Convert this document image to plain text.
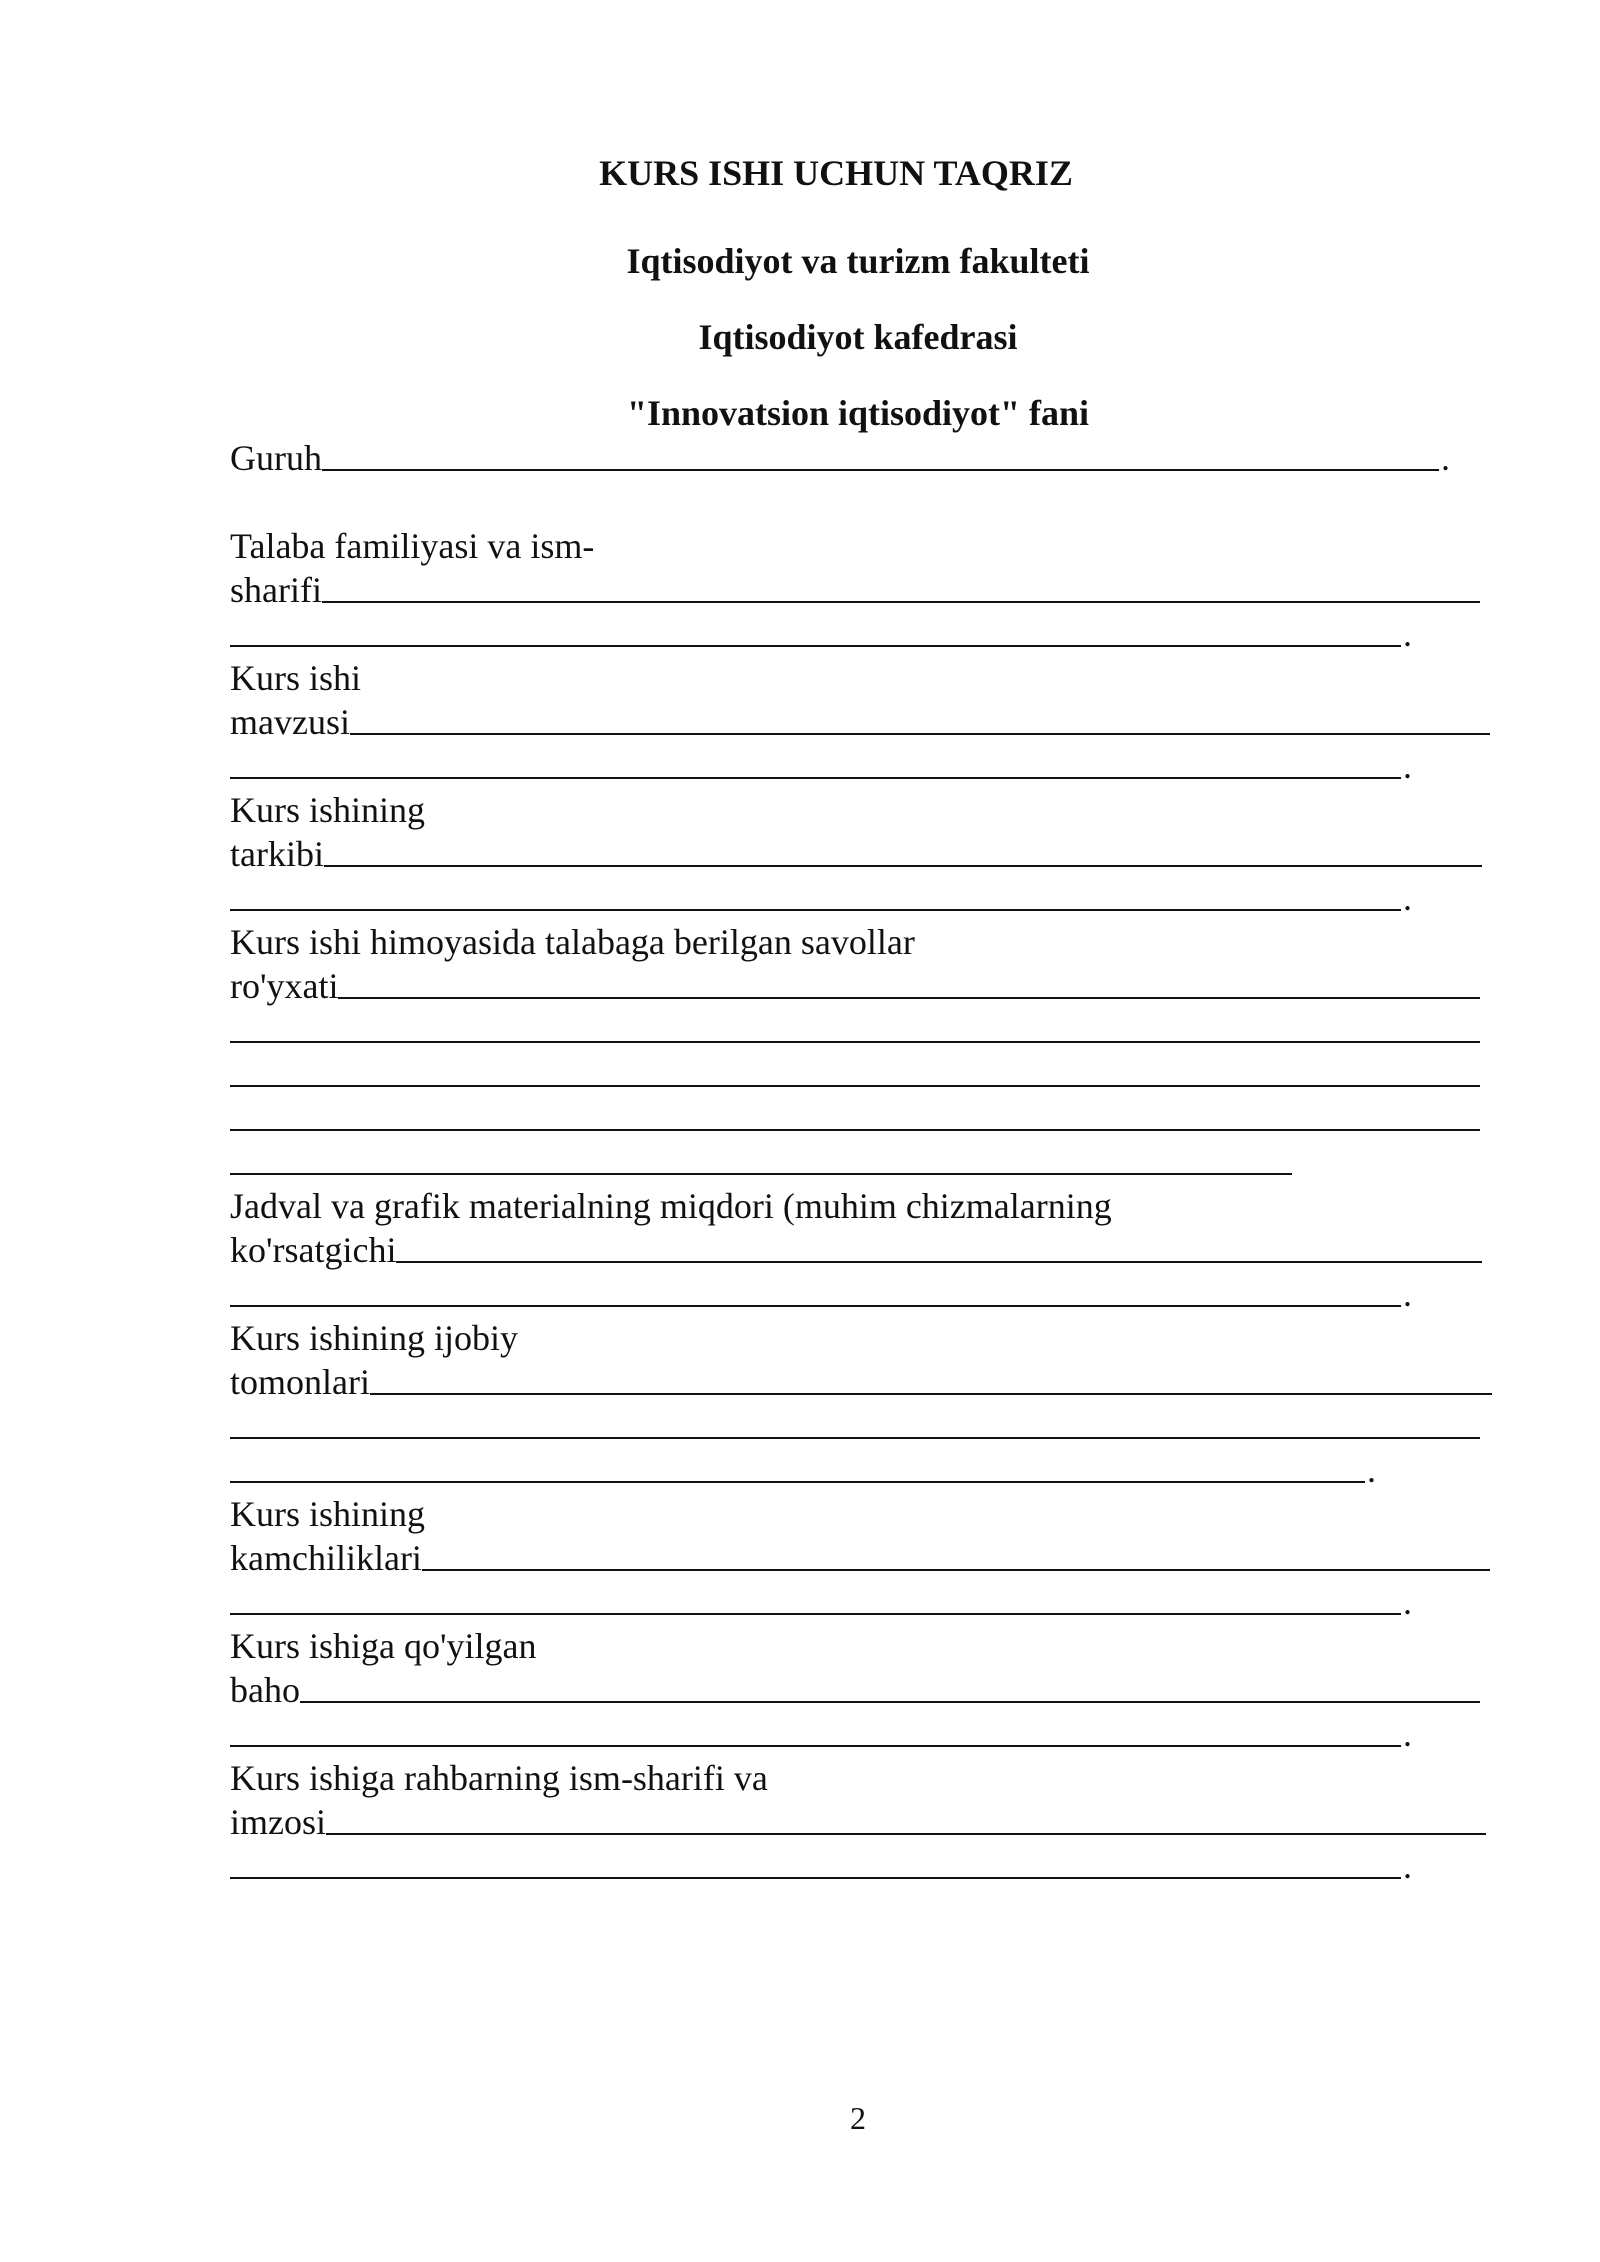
KURS ISHI UCHUN TAQRIZ
Iqtisodiyot va turizm fakulteti
Iqtisodiyot kafedrasi
"Innovatsion iqtisodiyot" fani
Guruh	.
Talaba familiyasi va ism-
sharifi
.
Kurs ishi
mavzusi
.
Kurs ishining
tarkibi
.
Kurs ishi himoyasida talabaga berilgan savollar
ro'yxati
Jadval va grafik materialning miqdori (muhim chizmalarning
ko'rsatgichi
.
Kurs ishining ijobiy
tomonlari
.
Kurs ishining
kamchiliklari
.
Kurs ishiga qo'yilgan
baho
.
Kurs ishiga rahbarning ism-sharifi va
imzosi
.
2
